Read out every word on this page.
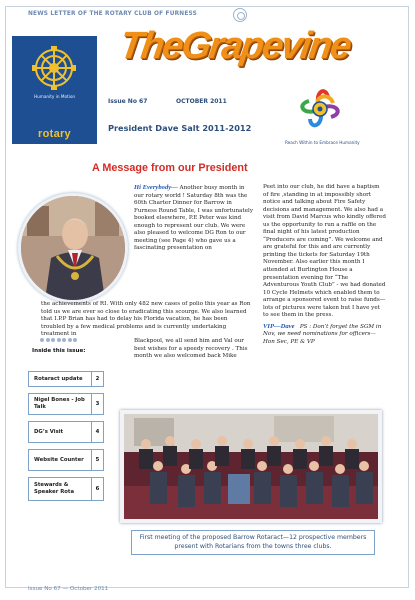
NEWS LETTER OF THE ROTARY CLUB OF FURNESS
Humanity in Motion
rotary
TheGrapevine
Issue No 67	OCTOBER 2011
President Dave Salt 2011-2012
Reach Within to Embrace Humanity
A Message from our President

Hi Everybody— Another busy month in our rotary world ! Saturday 8th was the 60th Charter Dinner for Barrow in Furness Round Table, I was unfortunately booked elsewhere, P.E Peter was kind enough to represent our club. We were also pleased to welcome DG Ron to our meeting (see Page 4) who gave us a fascinating presentation on

the achievements of RI. With only 482 new cases of polio this year as Ron told us we are ever so close to eradicating this scourge. We also learned that I.P.P Brian has had to delay his Florida vacation, he has been troubled by a few medical problems and is currently undertaking treatment in

Blackpool, we all send him and Val our best wishes for a speedy recovery . This month we also welcomed back Mike

Peet into our club, he did have a baptism of fire ,standing in at impossibly short notice and talking about Fire Safety decisions and management. We also had a visit from David Marcus who kindly offered us the opportunity to run a raffle on the final night of his latest production “Producers are coming”. We welcome and are grateful for this and are currently printing the tickets for Saturday 19th November. Also earlier this month I attended at Burlington House a presentation evening for “The Adventurous Youth Club” - we had donated 10 Cycle Helmets which enabled them to arrange a sponsored event to raise funds—lots of pictures were taken but I have yet to see them in the press.

VIP—Dave PS : Don’t forget the SGM in Nov, we need nominations for officers—Hon Sec, PE & VP

Inside this issue:
Rotaract update	2
Nigel Bones - Job Talk	3
DG’s Visit	4
Website Counter	5
Stewards & Speaker Rota	6
First meeting of the proposed Barrow Rotaract—12 prospective members present with Rotarians from the towns three clubs.
Issue No 67 — October 2011
